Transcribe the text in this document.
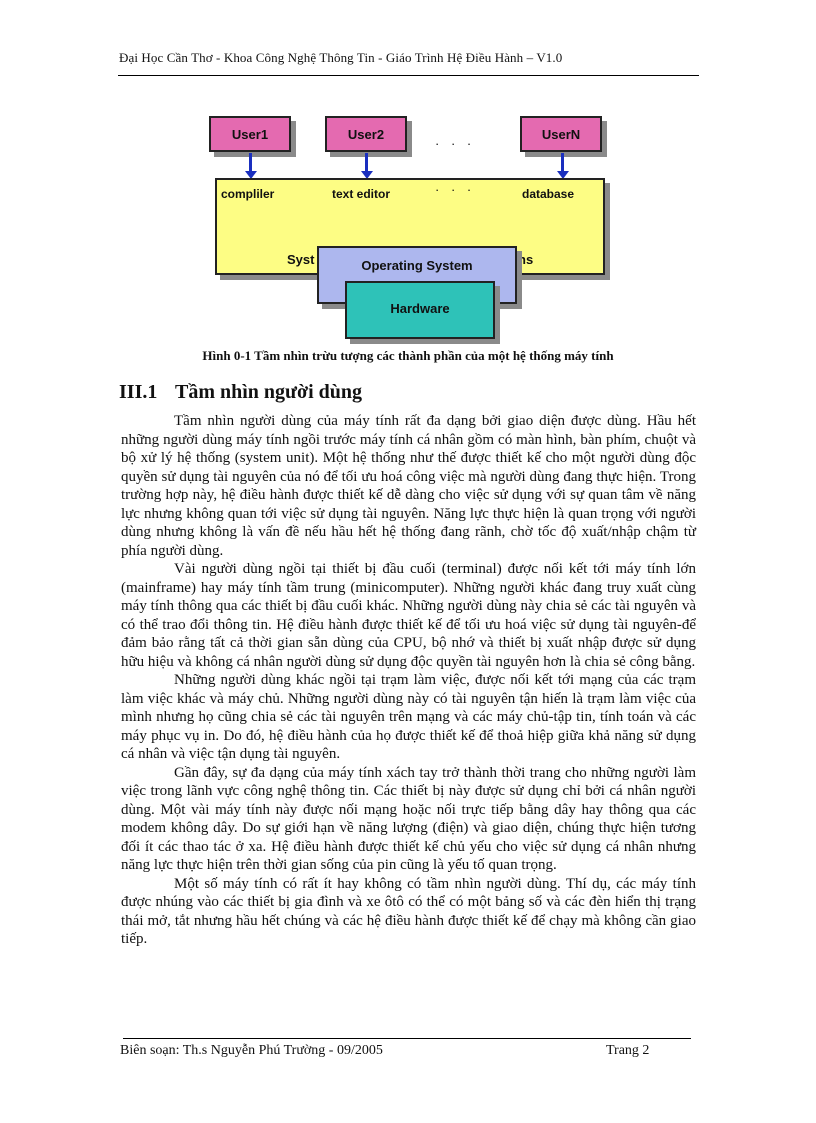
Đại Học Cần Thơ - Khoa Công Nghệ Thông Tin - Giáo Trình Hệ Điều Hành – V1.0
User1	User2	UserN
· · ·
compliler	text editor	· · ·	database
Syst	ns
Operating System
Hardware
Hình 0-1 Tầm nhìn trừu tượng các thành phần của một hệ thống máy tính
III.1 Tầm nhìn người dùng

Tầm nhìn người dùng của máy tính rất đa dạng bởi giao diện được dùng. Hầu hết những người dùng máy tính ngồi trước máy tính cá nhân gồm có màn hình, bàn phím, chuột và bộ xử lý hệ thống (system unit). Một hệ thống như thế được thiết kế cho một người dùng độc quyền sử dụng tài nguyên của nó để tối ưu hoá công việc mà người dùng đang thực hiện. Trong trường hợp này, hệ điều hành được thiết kế dễ dàng cho việc sử dụng với sự quan tâm về năng lực nhưng không quan tới việc sử dụng tài nguyên. Năng lực thực hiện là quan trọng với người dùng nhưng không là vấn đề nếu hầu hết hệ thống đang rãnh, chờ tốc độ xuất/nhập chậm từ phía người dùng.

Vài người dùng ngồi tại thiết bị đầu cuối (terminal) được nối kết tới máy tính lớn (mainframe) hay máy tính tầm trung (minicomputer). Những người khác đang truy xuất cùng máy tính thông qua các thiết bị đầu cuối khác. Những người dùng này chia sẻ các tài nguyên và có thể trao đổi thông tin. Hệ điều hành được thiết kế để tối ưu hoá việc sử dụng tài nguyên-để đảm bảo rằng tất cả thời gian sẵn dùng của CPU, bộ nhớ và thiết bị xuất nhập được sử dụng hữu hiệu và không cá nhân người dùng sử dụng độc quyền tài nguyên hơn là chia sẻ công bằng.

Những người dùng khác ngồi tại trạm làm việc, được nối kết tới mạng của các trạm làm việc khác và máy chủ. Những người dùng này có tài nguyên tận hiến là trạm làm việc của mình nhưng họ cũng chia sẻ các tài nguyên trên mạng và các máy chủ-tập tin, tính toán và các máy phục vụ in. Do đó, hệ điều hành của họ được thiết kế để thoả hiệp giữa khả năng sử dụng cá nhân và việc tận dụng tài nguyên.

Gần đây, sự đa dạng của máy tính xách tay trở thành thời trang cho những người làm việc trong lãnh vực công nghệ thông tin. Các thiết bị này được sử dụng chỉ bởi cá nhân người dùng. Một vài máy tính này được nối mạng hoặc nối trực tiếp bằng dây hay thông qua các modem không dây. Do sự giới hạn về năng lượng (điện) và giao diện, chúng thực hiện tương đối ít các thao tác ở xa. Hệ điều hành được thiết kế chủ yếu cho việc sử dụng cá nhân nhưng năng lực thực hiện trên thời gian sống của pin cũng là yếu tố quan trọng.

Một số máy tính có rất ít hay không có tầm nhìn người dùng. Thí dụ, các máy tính được nhúng vào các thiết bị gia đình và xe ôtô có thể có một bảng số và các đèn hiển thị trạng thái mở, tắt nhưng hầu hết chúng và các hệ điều hành được thiết kế để chạy mà không cần giao tiếp.

Biên soạn: Th.s Nguyễn Phú Trường - 09/2005	Trang 2
